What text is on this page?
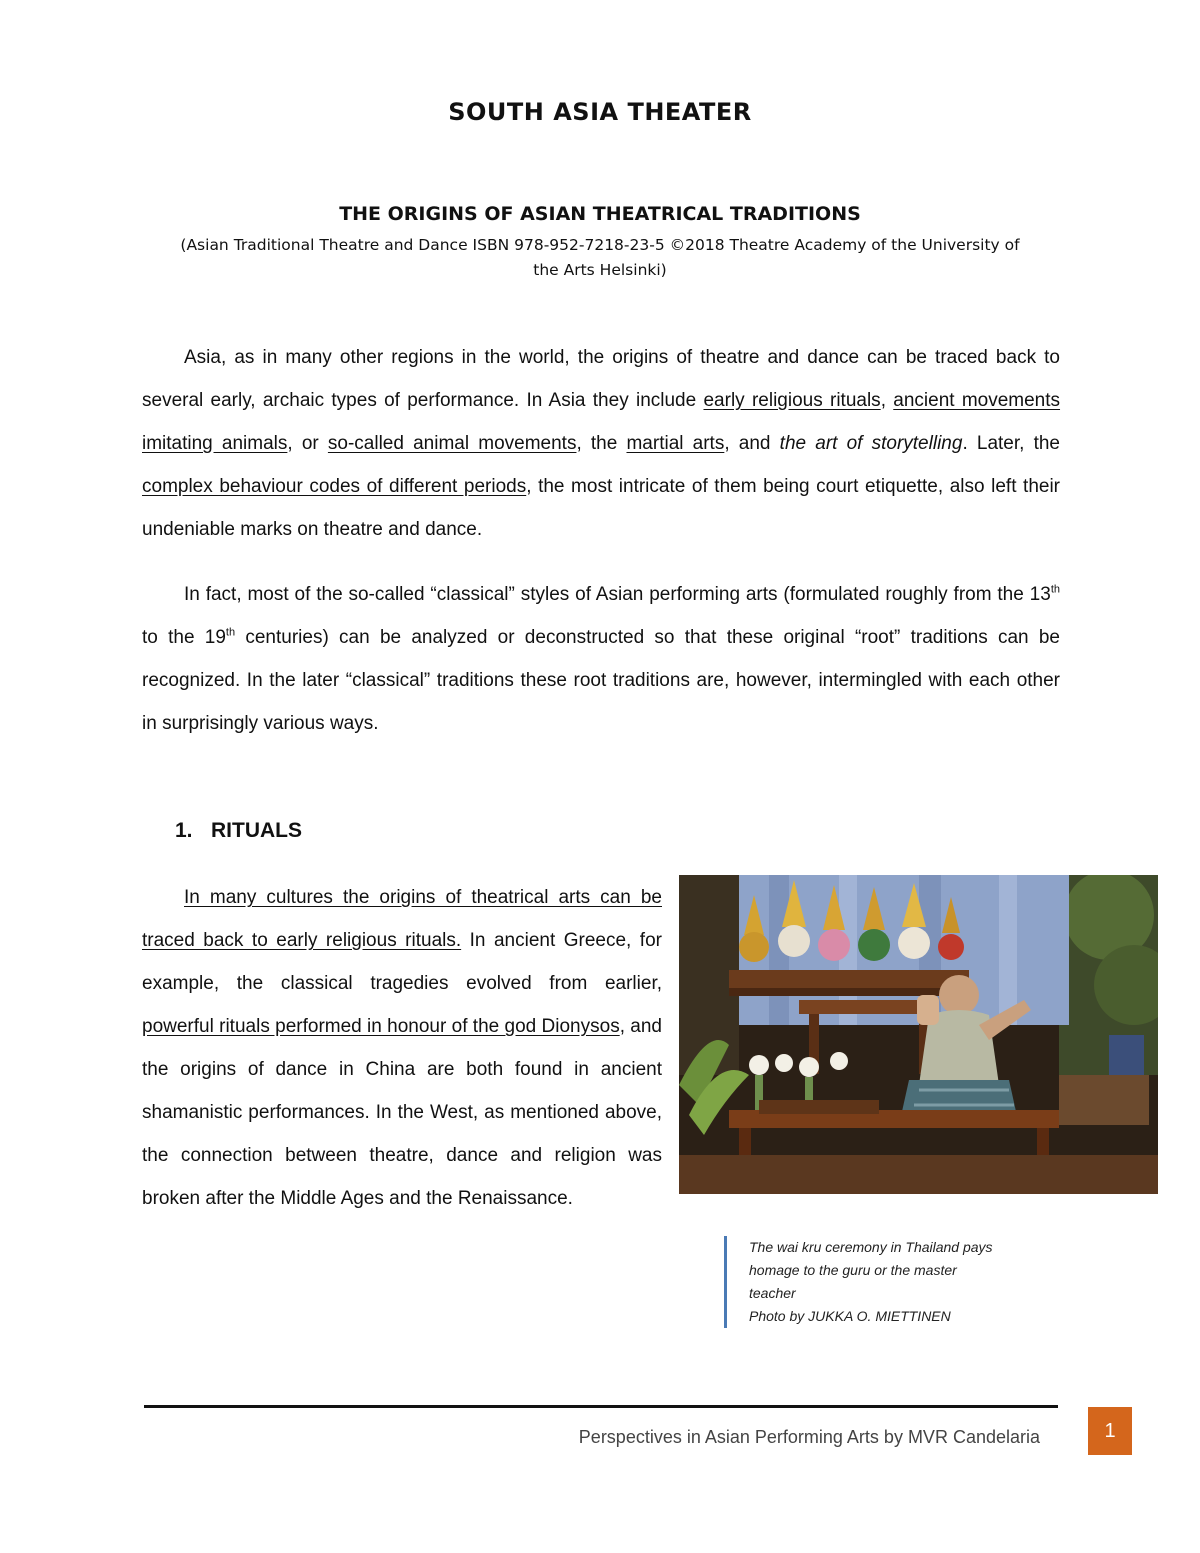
SOUTH ASIA THEATER
THE ORIGINS OF ASIAN THEATRICAL TRADITIONS
(Asian Traditional Theatre and Dance ISBN 978-952-7218-23-5 ©2018 Theatre Academy of the University of
the Arts Helsinki)

Asia, as in many other regions in the world, the origins of theatre and dance can be traced back to several early, archaic types of performance. In Asia they include early religious rituals, ancient movements imitating animals, or so-called animal movements, the martial arts, and the art of storytelling. Later, the complex behaviour codes of different periods, the most intricate of them being court etiquette, also left their undeniable marks on theatre and dance.

In fact, most of the so-called “classical” styles of Asian performing arts (formulated roughly from the 13th to the 19th centuries) can be analyzed or deconstructed so that these original “root” traditions can be recognized. In the later “classical” traditions these root traditions are, however, intermingled with each other in surprisingly various ways.

1. RITUALS

In many cultures the origins of theatrical arts can be traced back to early religious rituals. In ancient Greece, for example, the classical tragedies evolved from earlier, powerful rituals performed in honour of the god Dionysos, and the origins of dance in China are both found in ancient shamanistic performances. In the West, as mentioned above, the connection between theatre, dance and religion was broken after the Middle Ages and the Renaissance.

The wai kru ceremony in Thailand pays
homage to the guru or the master
teacher
Photo by JUKKA O. MIETTINEN
Perspectives in Asian Performing Arts by MVR Candelaria	1
